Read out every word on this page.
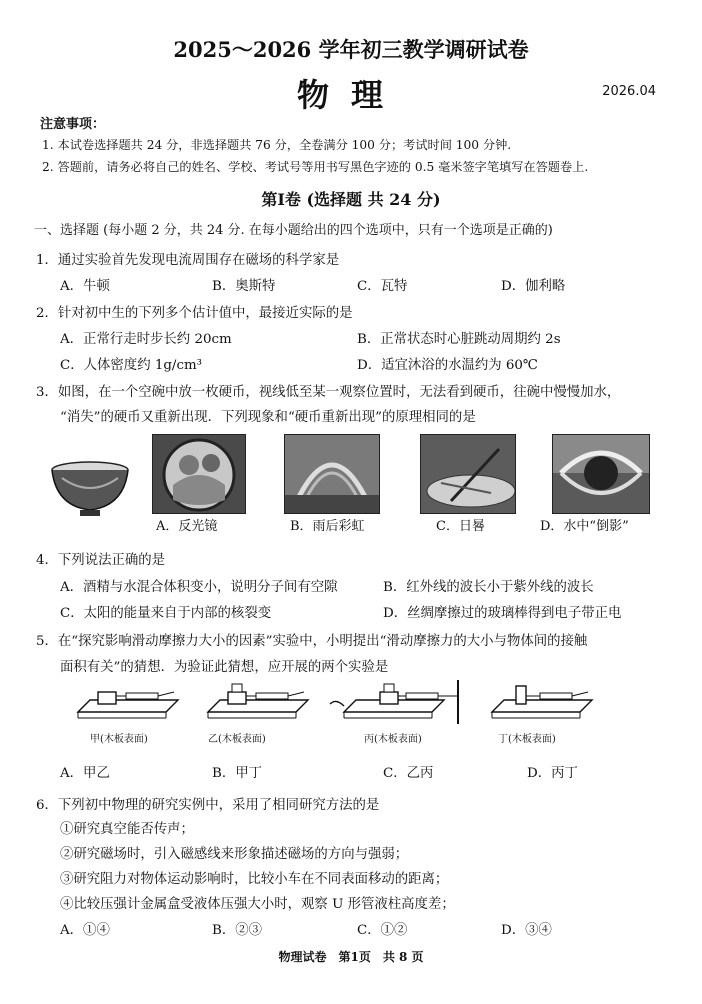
2025～2026 学年初三教学调研试卷
物理	2026.04
注意事项：
1. 本试卷选择题共 24 分，非选择题共 76 分，全卷满分 100 分；考试时间 100 分钟.
2. 答题前，请务必将自己的姓名、学校、考试号等用书写黑色字迹的 0.5 毫米签字笔填写在答题卷上.
第Ⅰ卷 (选择题 共 24 分)
一、选择题 (每小题 2 分，共 24 分. 在每小题给出的四个选项中，只有一个选项是正确的)
1．通过实验首先发现电流周围存在磁场的科学家是
A．牛顿	B．奥斯特	C．瓦特	D．伽利略
2．针对初中生的下列多个估计值中，最接近实际的是
A．正常行走时步长约 20cm	B．正常状态时心脏跳动周期约 2s
C．人体密度约 1g/cm³	D．适宜沐浴的水温约为 60℃
3．如图，在一个空碗中放一枚硬币，视线低至某一观察位置时，无法看到硬币，往碗中慢慢加水，
“消失”的硬币又重新出现．下列现象和“硬币重新出现”的原理相同的是
A．反光镜	B．雨后彩虹	C．日晷	D．水中“倒影”
4．下列说法正确的是
A．酒精与水混合体积变小，说明分子间有空隙	B．红外线的波长小于紫外线的波长
C．太阳的能量来自于内部的核裂变	D．丝绸摩擦过的玻璃棒得到电子带正电
5．在“探究影响滑动摩擦力大小的因素”实验中，小明提出“滑动摩擦力的大小与物体间的接触
面积有关”的猜想．为验证此猜想，应开展的两个实验是
甲(木板表面)	乙(木板表面)	丙(木板表面)	丁(木板表面)
A．甲乙	B．甲丁	C．乙丙	D．丙丁
6．下列初中物理的研究实例中，采用了相同研究方法的是
①研究真空能否传声；
②研究磁场时，引入磁感线来形象描述磁场的方向与强弱；
③研究阻力对物体运动影响时，比较小车在不同表面移动的距离；
④比较压强计金属盒受液体压强大小时，观察 U 形管液柱高度差；
A．①④	B．②③	C．①②	D．③④
物理试卷　第1页　共 8 页
